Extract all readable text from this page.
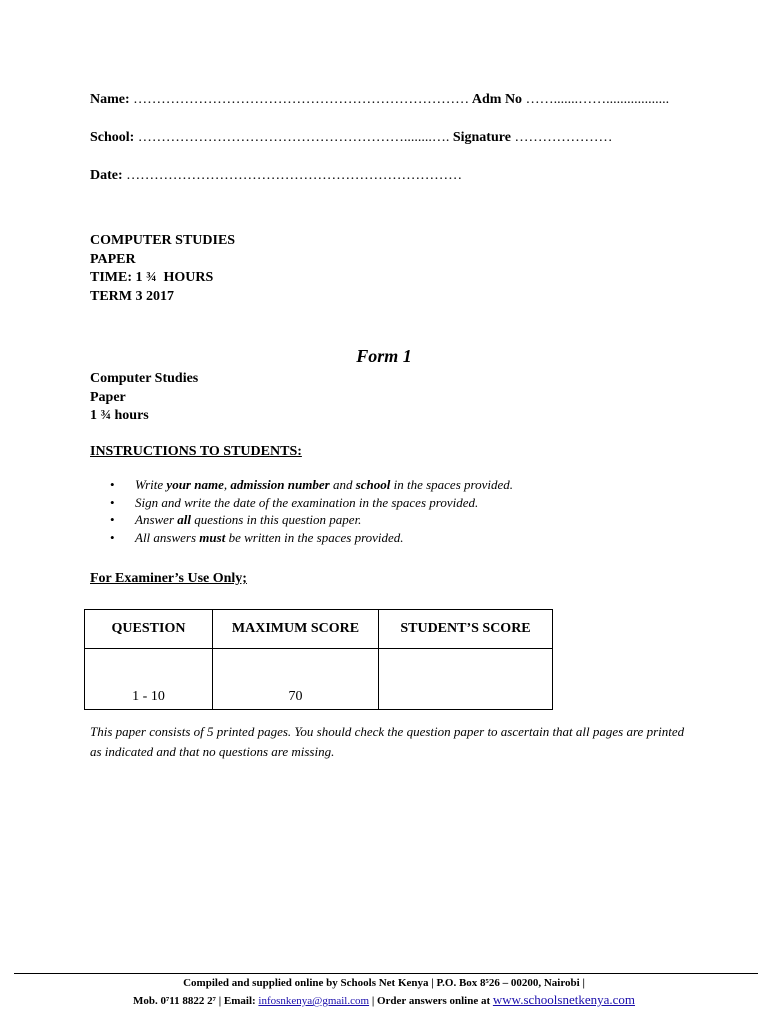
Name: ……………………………………………………………… Adm No …….......……..................
School: …………………………………………………........…. Signature …………………
Date: ………………………………………………………………
COMPUTER STUDIES
PAPER
TIME: 1 ¾  HOURS
TERM 3 2017
Form 1
Computer Studies
Paper
1 ¾ hours
INSTRUCTIONS TO STUDENTS:
• Write your name, admission number and school in the spaces provided.
• Sign and write the date of the examination in the spaces provided.
• Answer all questions in this question paper.
• All answers must be written in the spaces provided.
For Examiner’s Use Only;
QUESTION	MAXIMUM SCORE	STUDENT’S SCORE
1 - 10	70	
This paper consists of 5 printed pages. You should check the question paper to ascertain that all pages are printed as indicated and that no questions are missing.
Compiled and supplied online by Schools Net Kenya | P.O. Box 8⁵26 – 00200, Nairobi |
Mob. 0⁷11 8822 2⁷ | Email: infosnkenya@gmail.com | Order answers online at www.schoolsnetkenya.com
